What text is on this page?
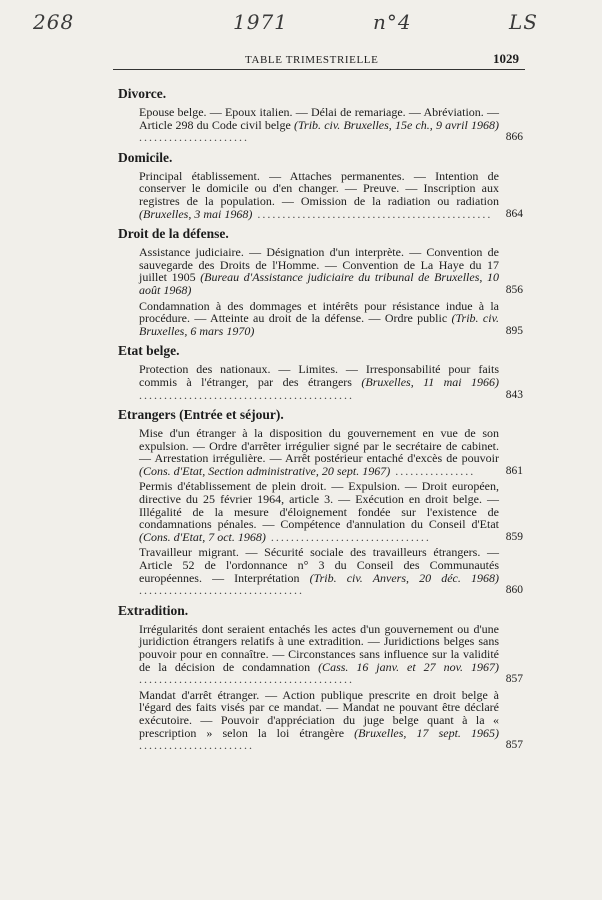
268	1971	n°4	LS
TABLE TRIMESTRIELLE	1029
Divorce.
Epouse belge. — Epoux italien. — Délai de remariage. — Abréviation. — Article 298 du Code civil belge (Trib. civ. Bruxelles, 15e ch., 9 avril 1968) ......................	866
Domicile.
Principal établissement. — Attaches permanentes. — Intention de conserver le domicile ou d'en changer. — Preuve. — Inscription aux registres de la population. — Omission de la radiation ou radiation (Bruxelles, 3 mai 1968) ...............................................	864
Droit de la défense.
Assistance judiciaire. — Désignation d'un interprète. — Convention de sauvegarde des Droits de l'Homme. — Convention de La Haye du 17 juillet 1905 (Bureau d'Assistance judiciaire du tribunal de Bruxelles, 10 août 1968)	856
Condamnation à des dommages et intérêts pour résistance indue à la procédure. — Atteinte au droit de la défense. — Ordre public (Trib. civ. Bruxelles, 6 mars 1970)	895
Etat belge.
Protection des nationaux. — Limites. — Irresponsabilité pour faits commis à l'étranger, par des étrangers (Bruxelles, 11 mai 1966) ...........................................	843
Etrangers (Entrée et séjour).
Mise d'un étranger à la disposition du gouvernement en vue de son expulsion. — Ordre d'arrêter irrégulier signé par le secrétaire de cabinet. — Arrestation irrégulière. — Arrêt postérieur entaché d'excès de pouvoir (Cons. d'Etat, Section administrative, 20 sept. 1967) ................	861
Permis d'établissement de plein droit. — Expulsion. — Droit européen, directive du 25 février 1964, article 3. — Exécution en droit belge. — Illégalité de la mesure d'éloignement fondée sur l'existence de condamnations pénales. — Compétence d'annulation du Conseil d'Etat (Cons. d'Etat, 7 oct. 1968) ................................	859
Travailleur migrant. — Sécurité sociale des travailleurs étrangers. — Article 52 de l'ordonnance n° 3 du Conseil des Communautés européennes. — Interprétation (Trib. civ. Anvers, 20 déc. 1968) .................................	860
Extradition.
Irrégularités dont seraient entachés les actes d'un gouvernement ou d'une juridiction étrangers relatifs à une extradition. — Juridictions belges sans pouvoir pour en connaître. — Circonstances sans influence sur la validité de la décision de condamnation (Cass. 16 janv. et 27 nov. 1967) ...........................................	857
Mandat d'arrêt étranger. — Action publique prescrite en droit belge à l'égard des faits visés par ce mandat. — Mandat ne pouvant être déclaré exécutoire. — Pouvoir d'appréciation du juge belge quant à la « prescription » selon la loi étrangère (Bruxelles, 17 sept. 1965) .......................	857
